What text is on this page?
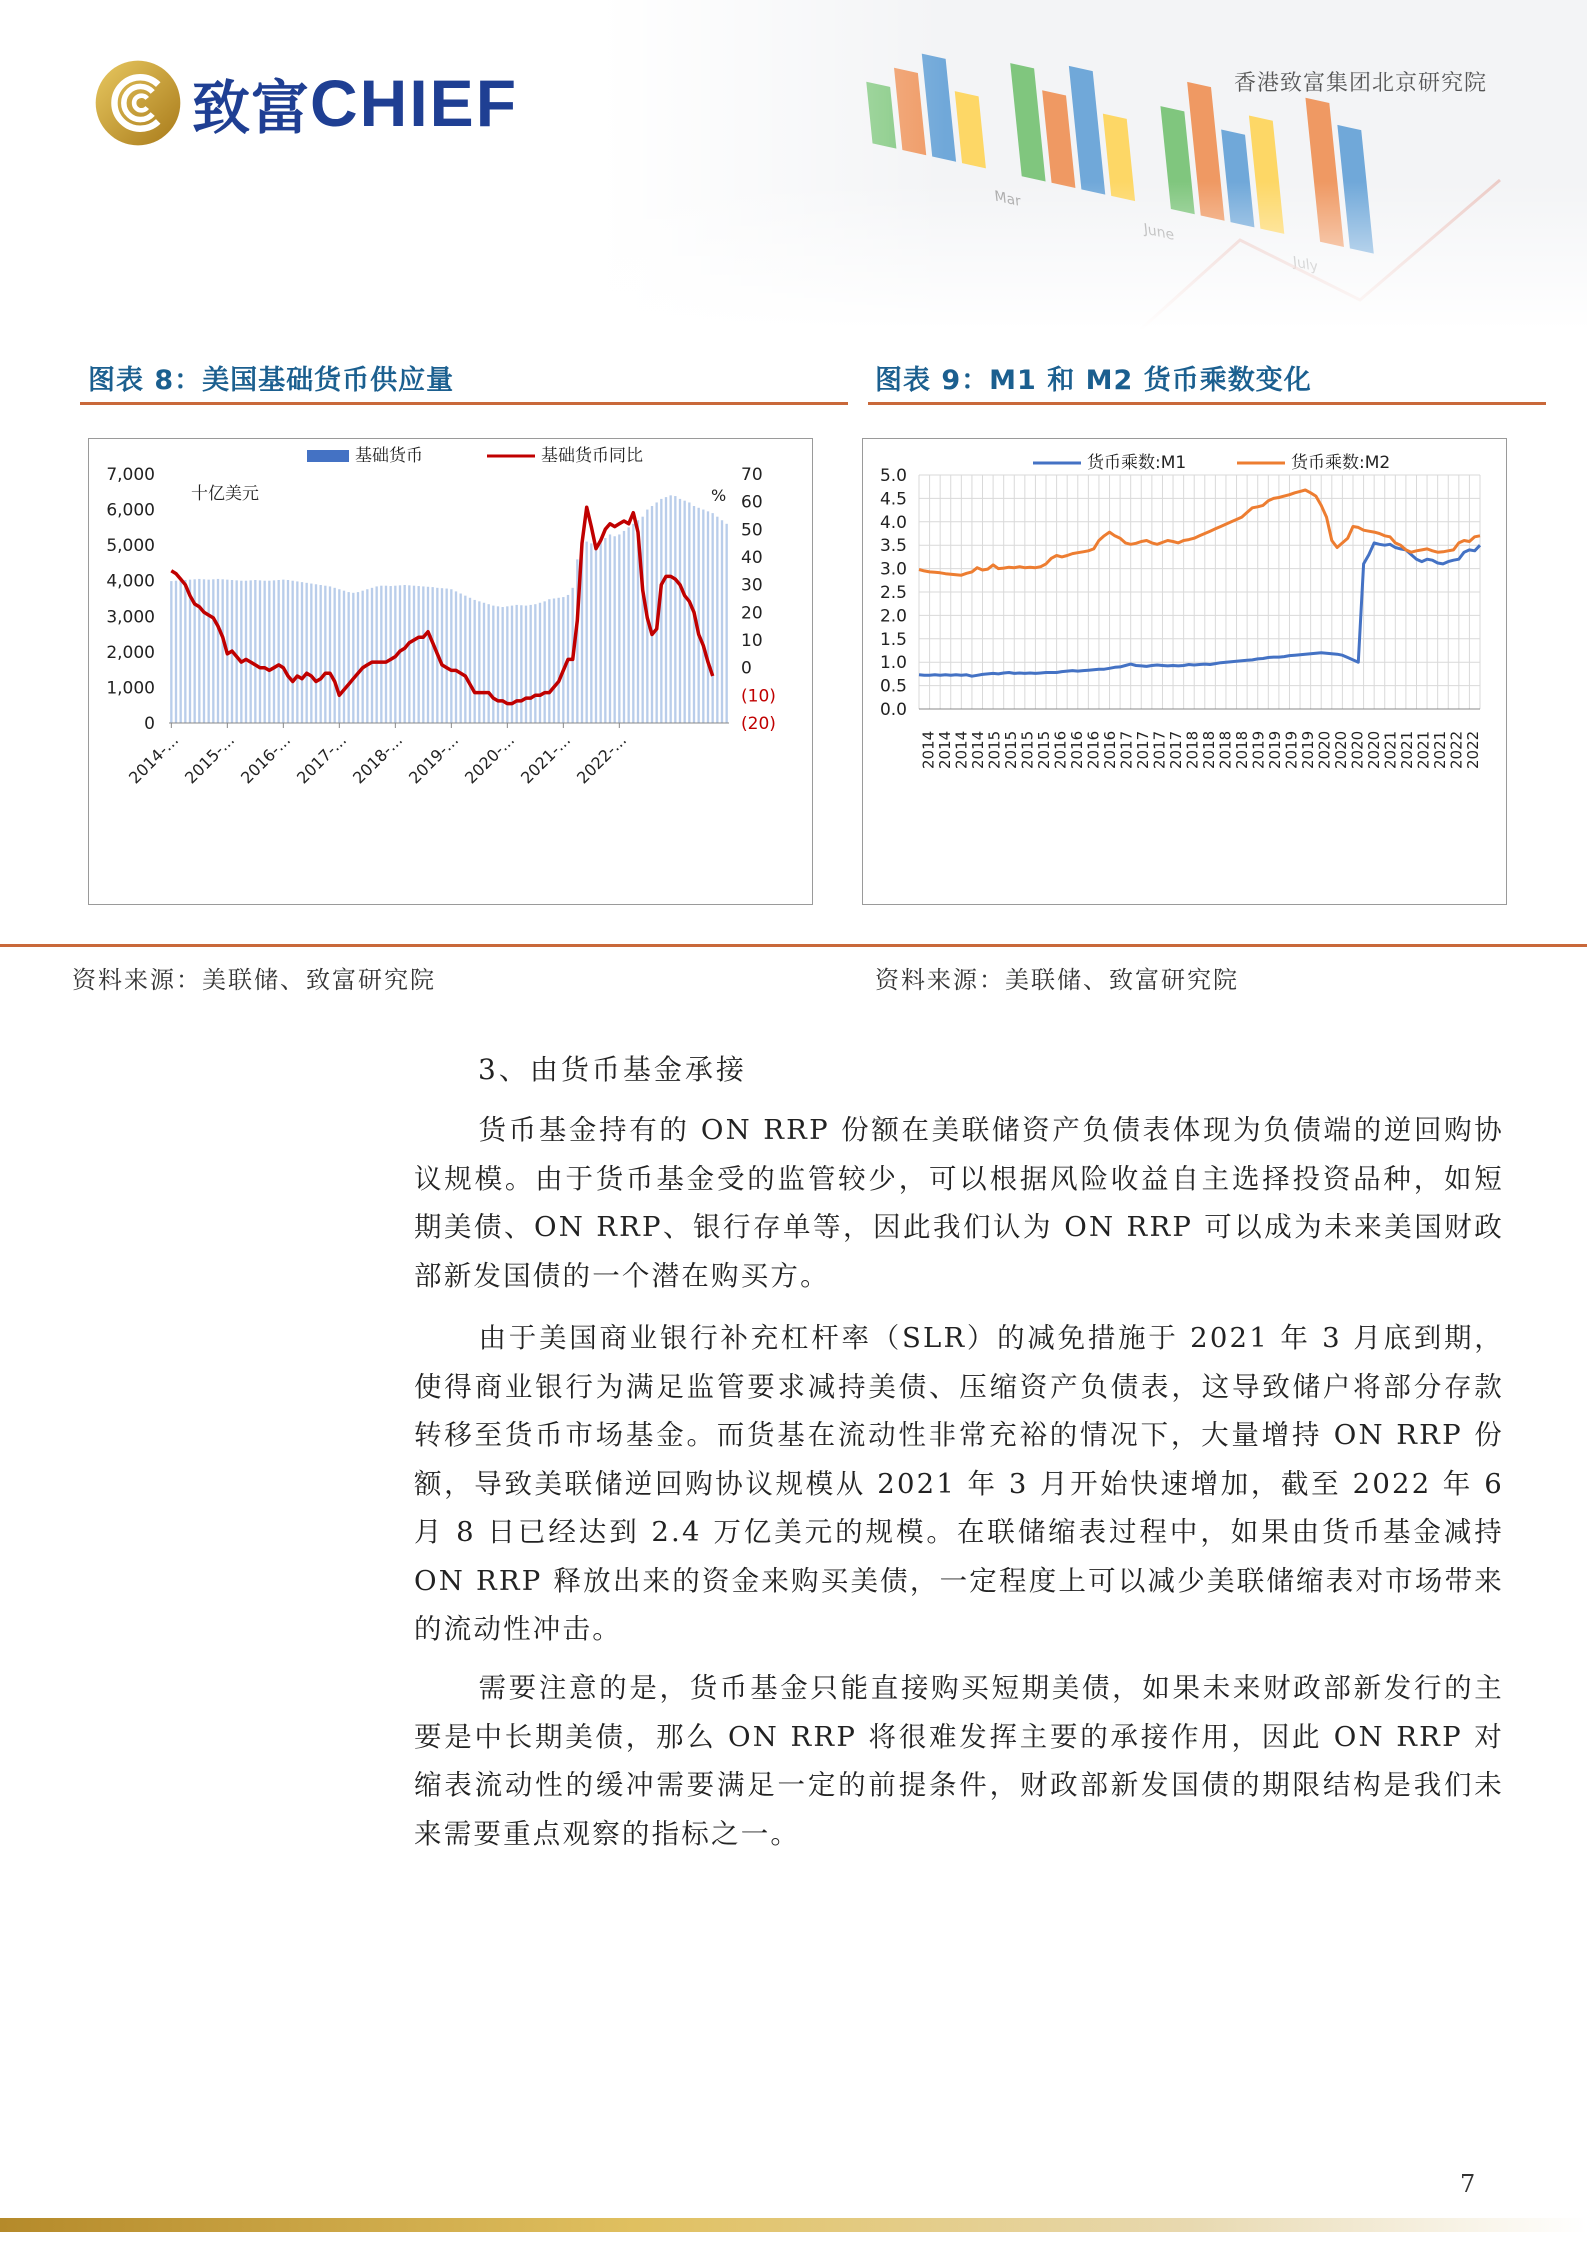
致富 CHIEF	香港致富集团北京研究院
图表 8：美国基础货币供应量	图表 9：M1 和 M2 货币乘数变化
基础货币	基础货币同比
十亿美元	%
0
1,000
2,000
3,000
4,000
5,000
6,000
7,000
(20)
(10)
0
10
20
30
40
50
60
70
2014-...
2015-...
2016-...
2017-...
2018-...
2019-...
2020-...
2021-...
2022-...
货币乘数:M1	货币乘数:M2
0.0
0.5
1.0
1.5
2.0
2.5
3.0
3.5
4.0
4.5
5.0
2014
2014
2014
2014
2015
2015
2015
2015
2016
2016
2016
2016
2017
2017
2017
2017
2018
2018
2018
2018
2019
2019
2019
2019
2020
2020
2020
2020
2021
2021
2021
2021
2022
2022
资料来源：美联储、致富研究院	资料来源：美联储、致富研究院
3、由货币基金承接

货币基金持有的 ON RRP 份额在美联储资产负债表体现为负债端的逆回购协议规模。由于货币基金受的监管较少，可以根据风险收益自主选择投资品种，如短期美债、ON RRP、银行存单等，因此我们认为 ON RRP 可以成为未来美国财政部新发国债的一个潜在购买方。

由于美国商业银行补充杠杆率（SLR）的减免措施于 2021 年 3 月底到期，使得商业银行为满足监管要求减持美债、压缩资产负债表，这导致储户将部分存款转移至货币市场基金。而货基在流动性非常充裕的情况下，大量增持 ON RRP 份额，导致美联储逆回购协议规模从 2021 年 3 月开始快速增加，截至 2022 年 6 月 8 日已经达到 2.4 万亿美元的规模。在联储缩表过程中，如果由货币基金减持 ON RRP 释放出来的资金来购买美债，一定程度上可以减少美联储缩表对市场带来的流动性冲击。

需要注意的是，货币基金只能直接购买短期美债，如果未来财政部新发行的主要是中长期美债，那么 ON RRP 将很难发挥主要的承接作用，因此 ON RRP 对缩表流动性的缓冲需要满足一定的前提条件，财政部新发国债的期限结构是我们未来需要重点观察的指标之一。

7
